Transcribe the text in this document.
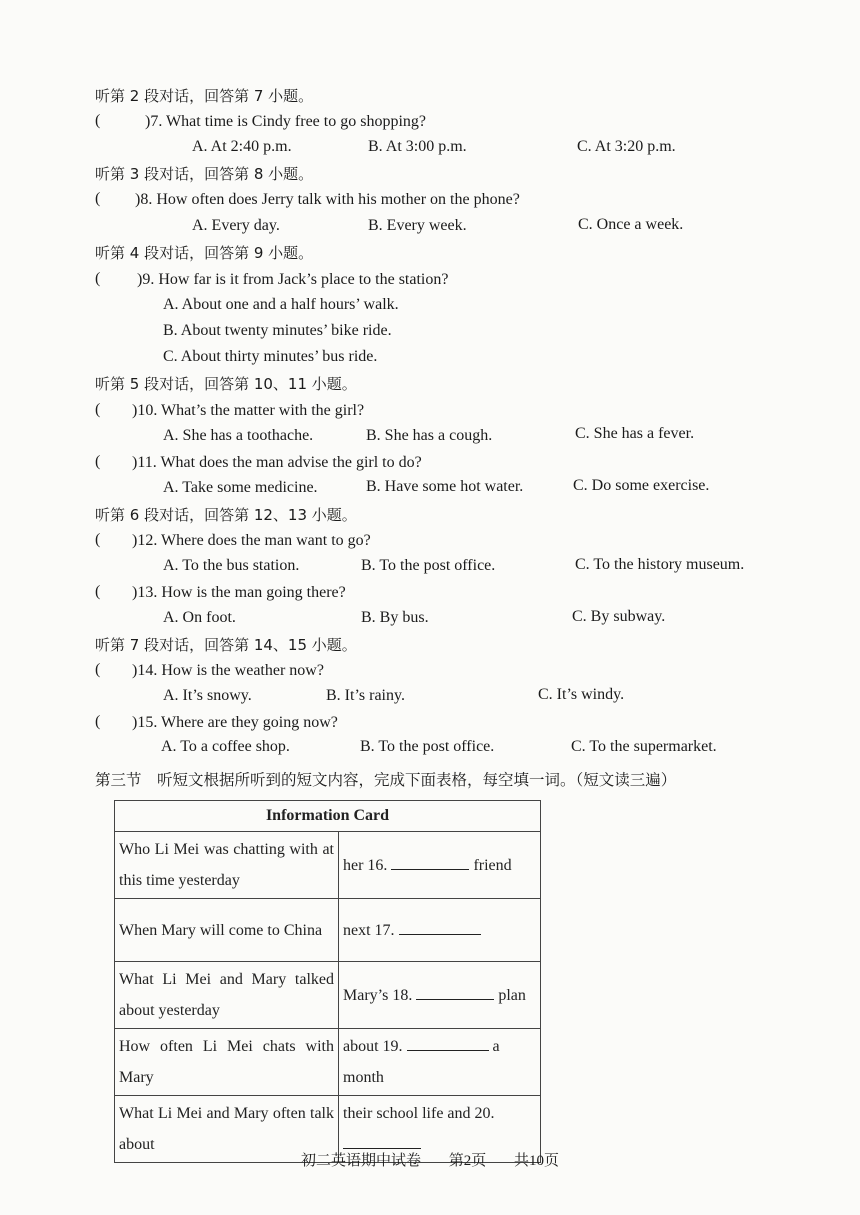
听第 2 段对话，回答第 7 小题。
(	)7. What time is Cindy free to go shopping?
A. At 2:40 p.m.	B. At 3:00 p.m.	C. At 3:20 p.m.
听第 3 段对话，回答第 8 小题。
( )8. How often does Jerry talk with his mother on the phone?
A. Every day.	B. Every week.	C. Once a week.
听第 4 段对话，回答第 9 小题。
( )9. How far is it from Jack’s place to the station?
A. About one and a half hours’ walk.
B. About twenty minutes’ bike ride.
C. About thirty minutes’ bus ride.
听第 5 段对话，回答第 10、11 小题。
( )10. What’s the matter with the girl?
A. She has a toothache.	B. She has a cough.	C. She has a fever.
( )11. What does the man advise the girl to do?
A. Take some medicine.	B. Have some hot water.	C. Do some exercise.
听第 6 段对话，回答第 12、13 小题。
( )12. Where does the man want to go?
A. To the bus station.	B. To the post office.	C. To the history museum.
( )13. How is the man going there?
A. On foot.	B. By bus.	C. By subway.
听第 7 段对话，回答第 14、15 小题。
( )14. How is the weather now?
A. It’s snowy.	B. It’s rainy.	C. It’s windy.
( )15. Where are they going now?
A. To a coffee shop.	B. To the post office.	C. To the supermarket.
第三节　听短文根据所听到的短文内容，完成下面表格，每空填一词。（短文读三遍）
Information Card	
Who Li Mei was chatting with at this time yesterday	her 16. friend
When Mary will come to China	next 17.
What Li Mei and Mary talked about yesterday	Mary’s 18. plan
How often Li Mei chats with Mary	about 19. a month
What Li Mei and Mary often talk about	their school life and 20.
初二英语期中试卷 第2页 共10页
